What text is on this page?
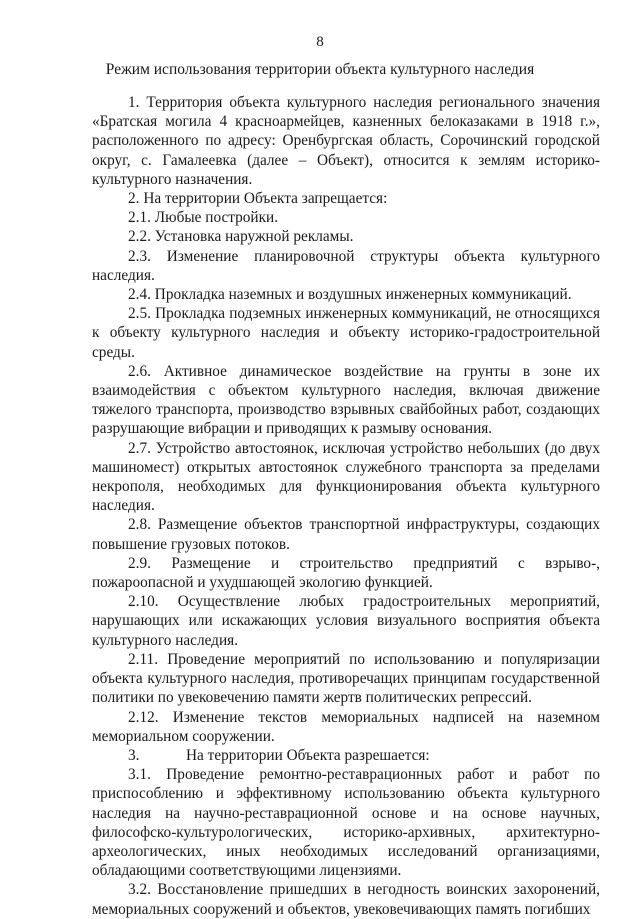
8
Режим использования территории объекта культурного наследия

1. Территория объекта культурного наследия регионального значения «Братская могила 4 красноармейцев, казненных белоказаками в 1918 г.», расположенного по адресу: Оренбургская область, Сорочинский городской округ, с. Гамалеевка (далее – Объект), относится к землям историко-культурного назначения.

2. На территории Объекта запрещается:

2.1. Любые постройки.

2.2. Установка наружной рекламы.

2.3. Изменение планировочной структуры объекта культурного наследия.

2.4. Прокладка наземных и воздушных инженерных коммуникаций.

2.5. Прокладка подземных инженерных коммуникаций, не относящихся к объекту культурного наследия и объекту историко-градостроительной среды.

2.6. Активное динамическое воздействие на грунты в зоне их взаимодействия с объектом культурного наследия, включая движение тяжелого транспорта, производство взрывных свайбойных работ, создающих разрушающие вибрации и приводящих к размыву основания.

2.7. Устройство автостоянок, исключая устройство небольших (до двух машиномест) открытых автостоянок служебного транспорта за пределами некрополя, необходимых для функционирования объекта культурного наследия.

2.8. Размещение объектов транспортной инфраструктуры, создающих повышение грузовых потоков.

2.9. Размещение и строительство предприятий с взрыво-, пожароопасной и ухудшающей экологию функцией.

2.10. Осуществление любых градостроительных мероприятий, нарушающих или искажающих условия визуального восприятия объекта культурного наследия.

2.11. Проведение мероприятий по использованию и популяризации объекта культурного наследия, противоречащих принципам государственной политики по увековечению памяти жертв политических репрессий.

2.12. Изменение текстов мемориальных надписей на наземном мемориальном сооружении.

3.	На территории Объекта разрешается:

3.1. Проведение ремонтно-реставрационных работ и работ по приспособлению и эффективному использованию объекта культурного наследия на научно-реставрационной основе и на основе научных, философско-культурологических, историко-архивных, архитектурно-археологических, иных необходимых исследований организациями, обладающими соответствующими лицензиями.

3.2. Восстановление пришедших в негодность воинских захоронений, мемориальных сооружений и объектов, увековечивающих память погибших
